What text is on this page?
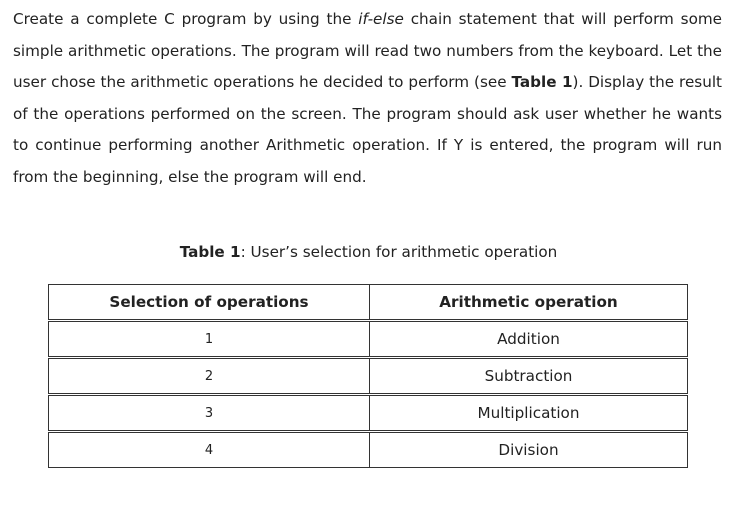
Create a complete C program by using the if-else chain statement that will perform some simple arithmetic operations. The program will read two numbers from the keyboard. Let the user chose the arithmetic operations he decided to perform (see Table 1). Display the result of the operations performed on the screen. The program should ask user whether he wants to continue performing another Arithmetic operation. If Y is entered, the program will run from the beginning, else the program will end.
Table 1: User’s selection for arithmetic operation
Selection of operations	Arithmetic operation
1	Addition
2	Subtraction
3	Multiplication
4	Division
